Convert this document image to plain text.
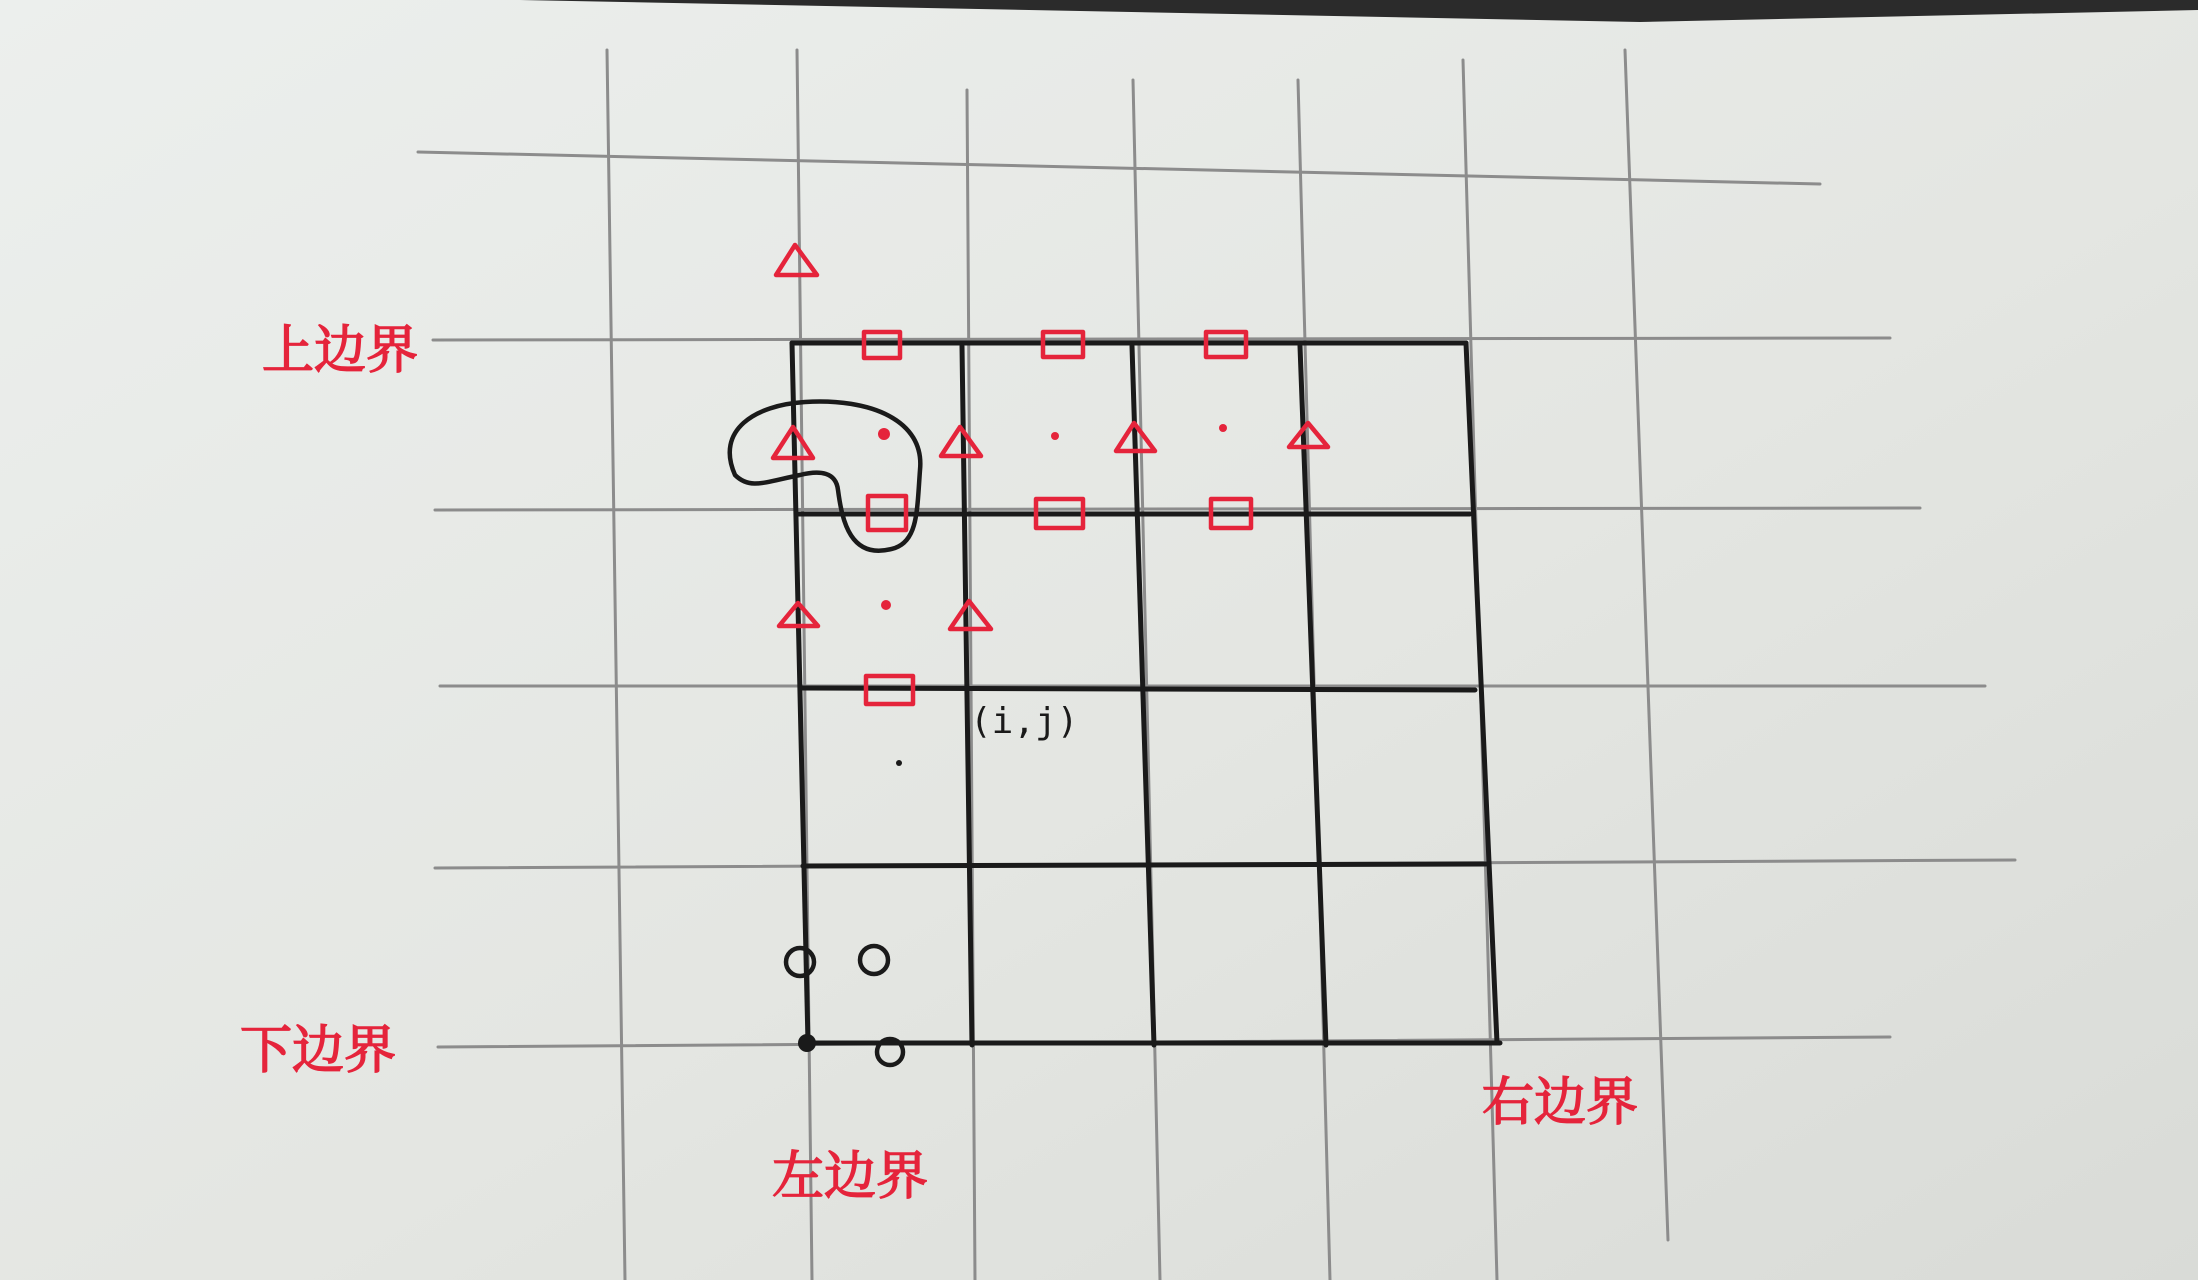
上边界
下边界
左边界
右边界
(i,j)
